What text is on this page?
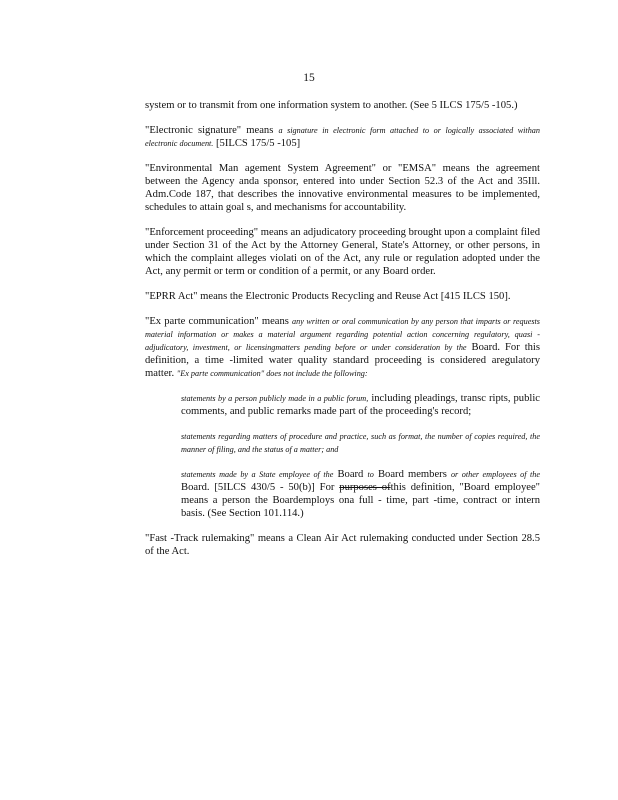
15

system or to transmit from one information system to another. (See 5 ILCS 175/5 -105.)

"Electronic signature" means a signature in electronic form attached to or logically associated withan electronic document. [5ILCS 175/5 -105]

"Environmental Man agement System Agreement" or "EMSA" means the agreement between the Agency anda sponsor, entered into under Section 52.3 of the Act and 35Ill. Adm.Code 187, that describes the innovative environmental measures to be implemented, schedules to attain goal s, and mechanisms for accountability.

"Enforcement proceeding" means an adjudicatory proceeding brought upon a complaint filed under Section 31 of the Act by the Attorney General, State's Attorney, or other persons, in which the complaint alleges violati on of the Act, any rule or regulation adopted under the Act, any permit or term or condition of a permit, or any Board order.

"EPRR Act" means the Electronic Products Recycling and Reuse Act [415 ILCS 150].

"Ex parte communication" means any written or oral communication by any person that imparts or requests material information or makes a material argument regarding potential action concerning regulatory, quasi -adjudicatory, investment, or licensingmatters pending before or under consideration by the Board. For this definition, a time -limited water quality standard proceeding is considered aregulatory matter. "Ex parte communication" does not include the following:

statements by a person publicly made in a public forum, including pleadings, transc ripts, public comments, and public remarks made part of the proceeding's record;

statements regarding matters of procedure and practice, such as format, the number of copies required, the manner of filing, and the status of a matter; and

statements made by a State employee of the Board to Board members or other employees of the Board. [5ILCS 430/5 - 50(b)] For purposes ofthis definition, "Board employee" means a person the Boardemploys ona full - time, part -time, contract or intern basis. (See Section 101.114.)

"Fast -Track rulemaking" means a Clean Air Act rulemaking conducted under Section 28.5 of the Act.
